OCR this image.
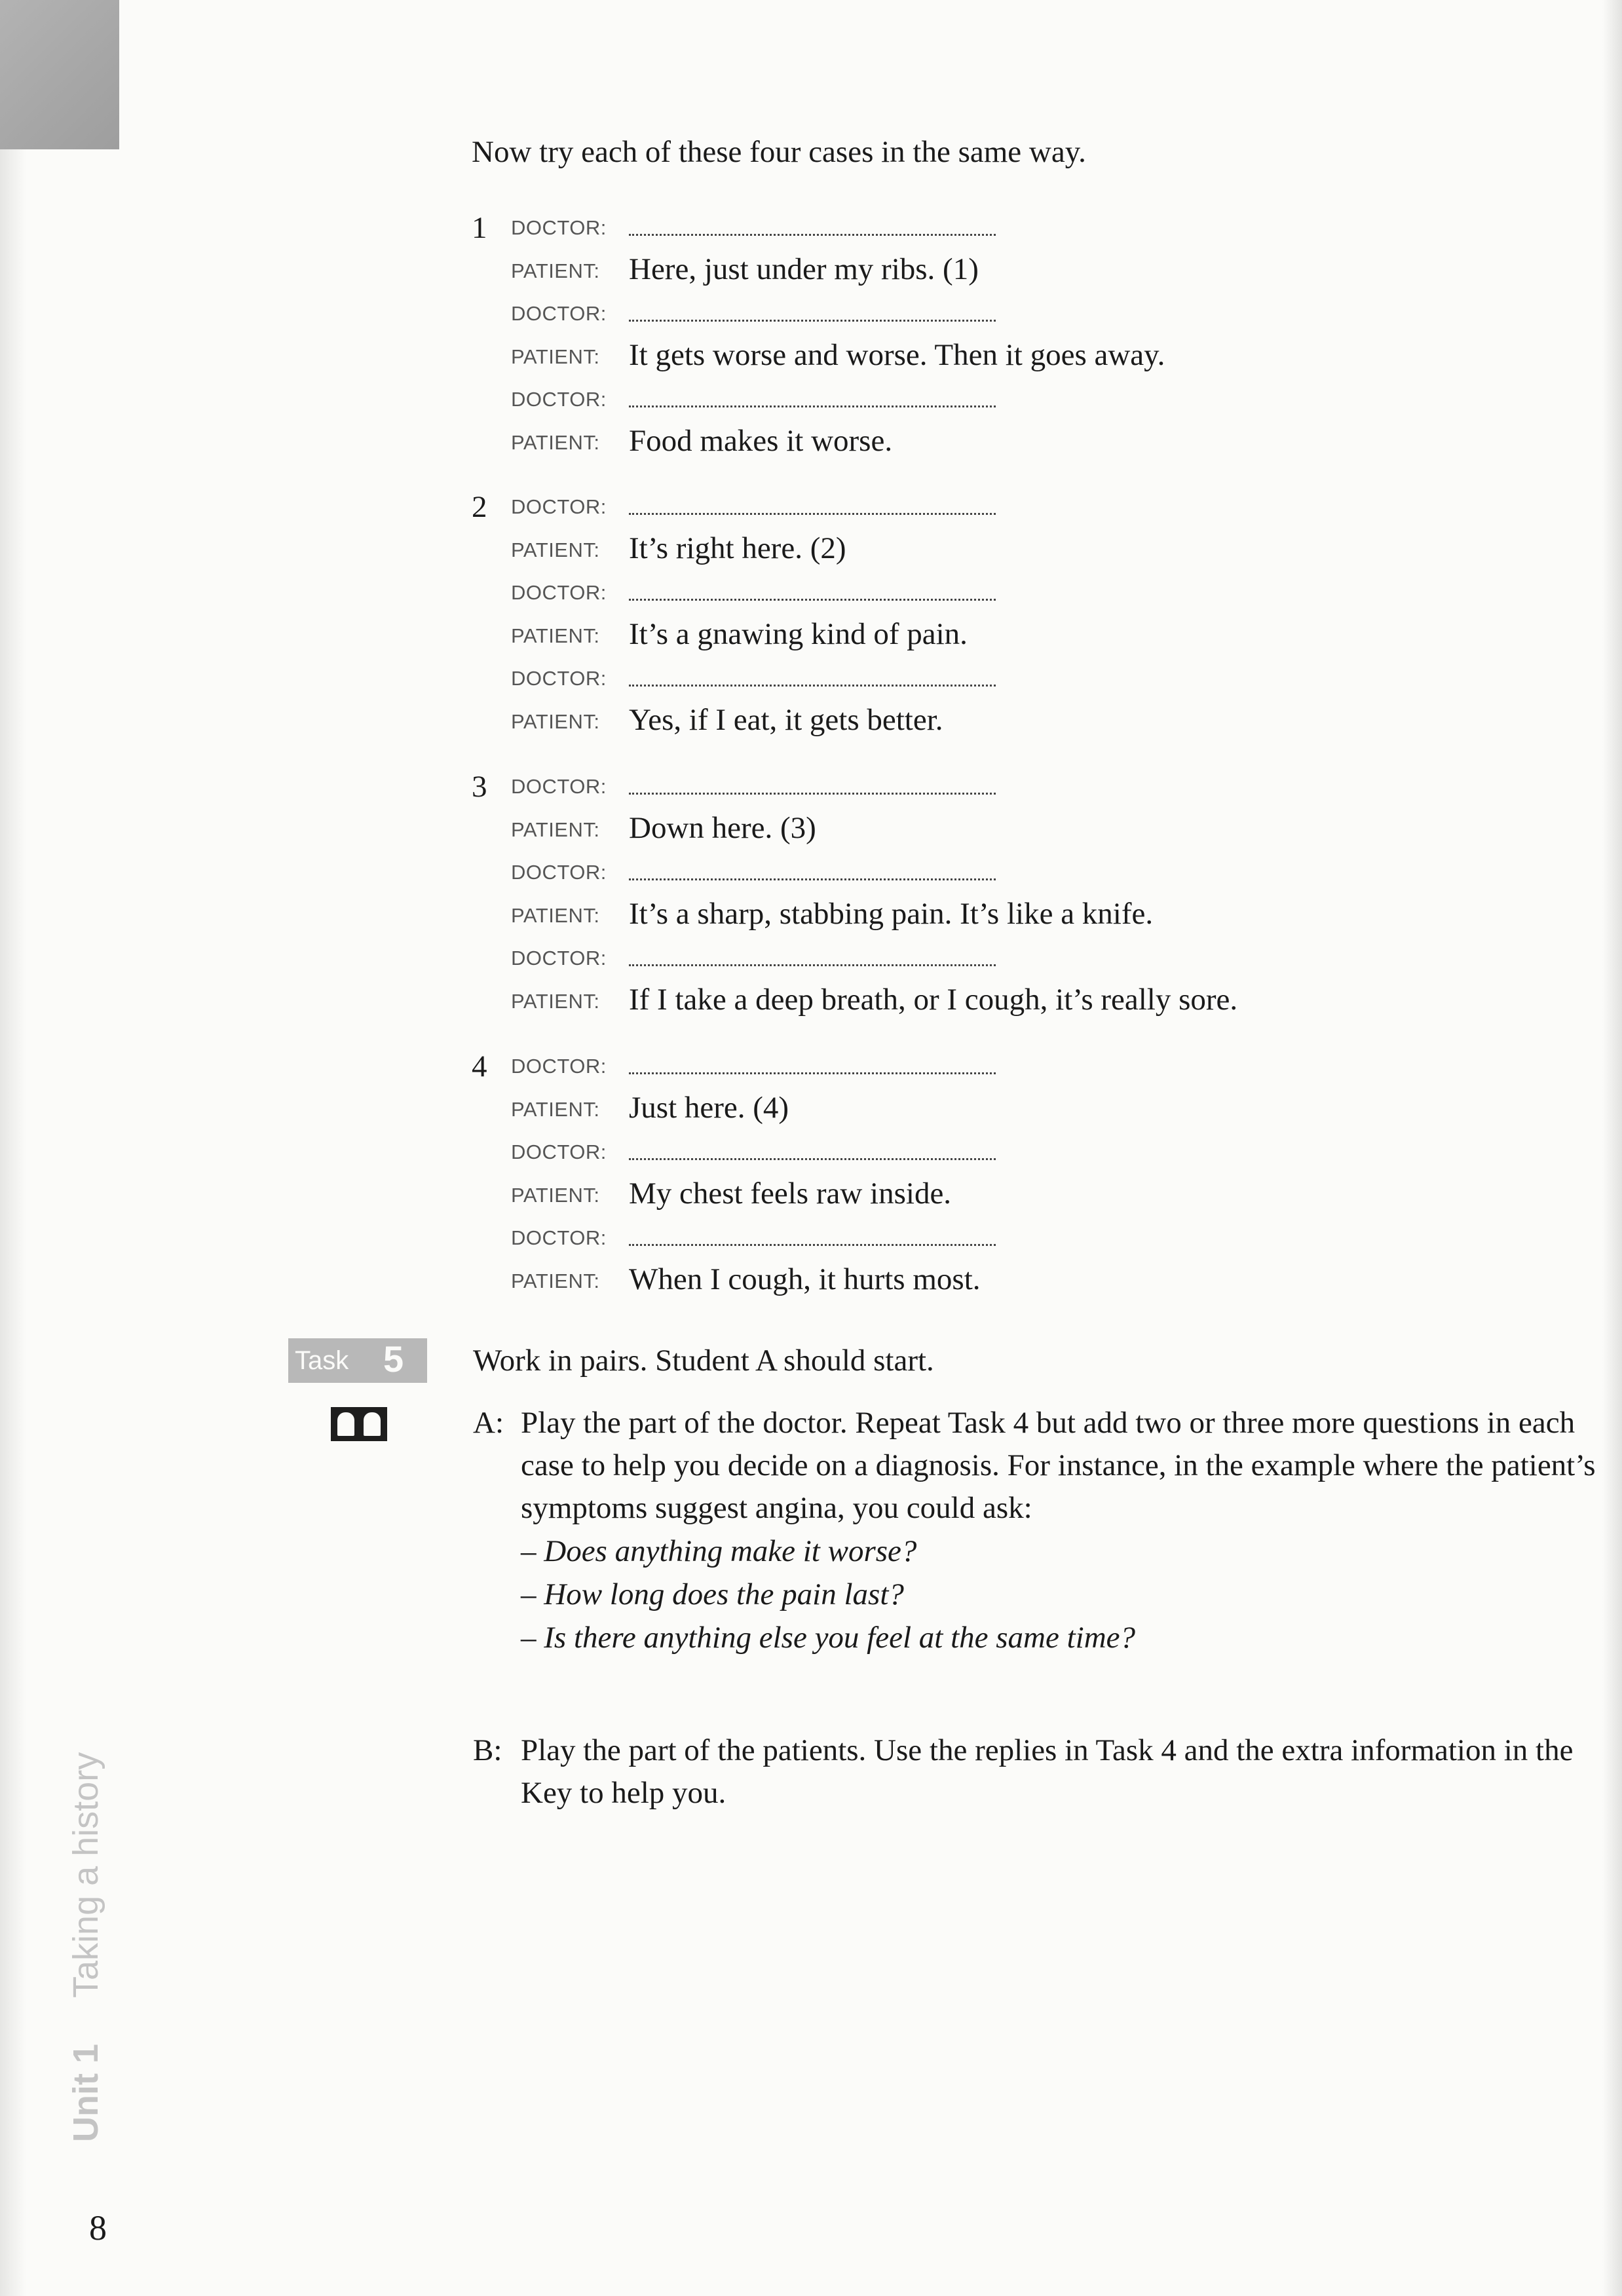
Now try each of these four cases in the same way.
1 DOCTOR:
PATIENT: Here, just under my ribs. (1)
DOCTOR:
PATIENT: It gets worse and worse. Then it goes away.
DOCTOR:
PATIENT: Food makes it worse.
2 DOCTOR:
PATIENT: It’s right here. (2)
DOCTOR:
PATIENT: It’s a gnawing kind of pain.
DOCTOR:
PATIENT: Yes, if I eat, it gets better.
3 DOCTOR:
PATIENT: Down here. (3)
DOCTOR:
PATIENT: It’s a sharp, stabbing pain. It’s like a knife.
DOCTOR:
PATIENT: If I take a deep breath, or I cough, it’s really sore.
4 DOCTOR:
PATIENT: Just here. (4)
DOCTOR:
PATIENT: My chest feels raw inside.
DOCTOR:
PATIENT: When I cough, it hurts most.
Task 5 Work in pairs. Student A should start.
A: Play the part of the doctor. Repeat Task 4 but add two or three more questions in each case to help you decide on a diagnosis. For instance, in the example where the patient’s symptoms suggest angina, you could ask:
– Does anything make it worse?
– How long does the pain last?
– Is there anything else you feel at the same time?
B: Play the part of the patients. Use the replies in Task 4 and the extra information in the Key to help you.
Unit 1Taking a history
8
